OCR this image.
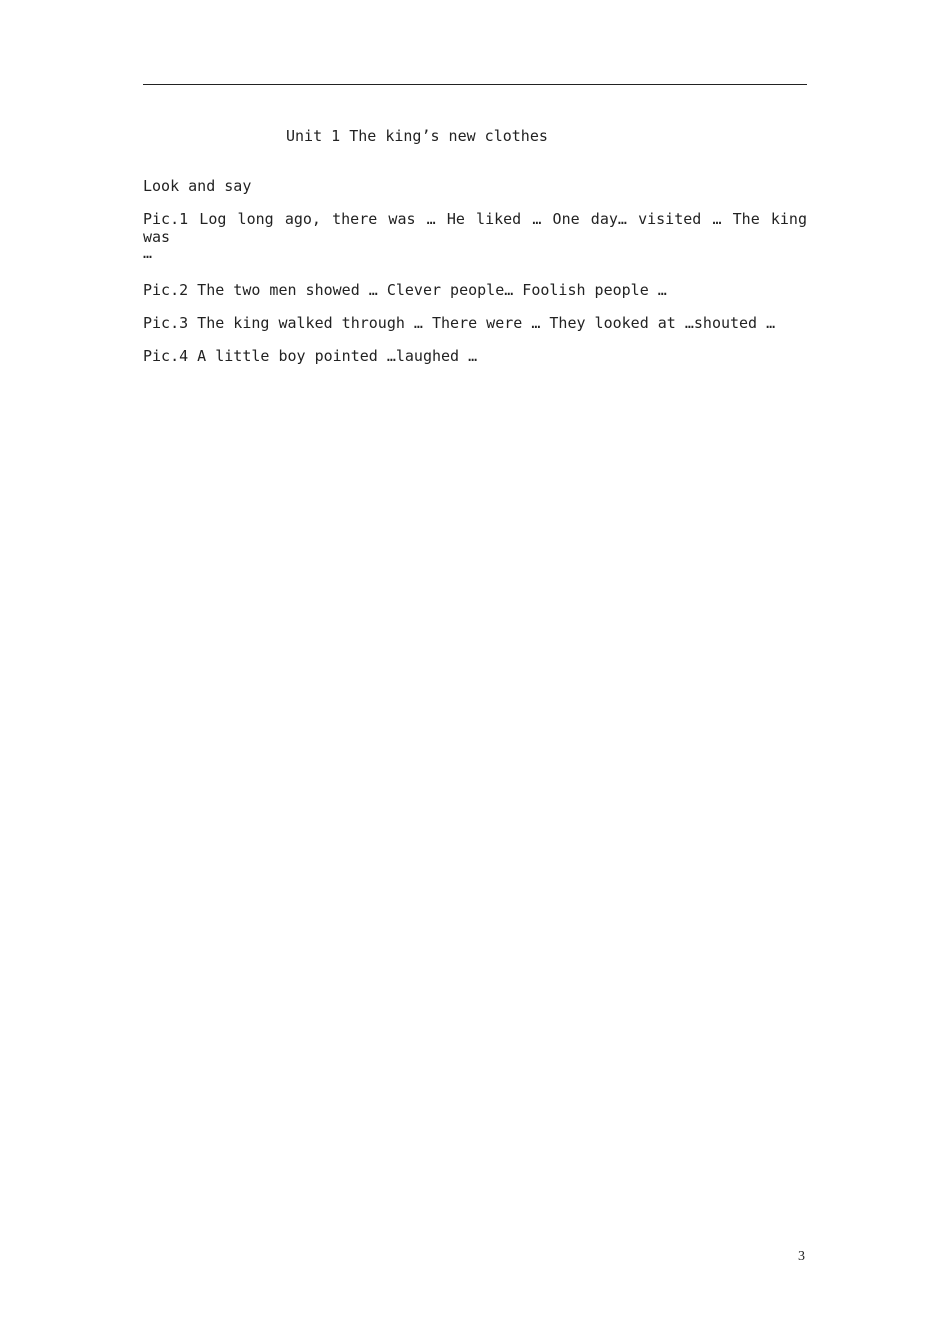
Unit 1 The king’s new clothes
Look and say
Pic.1 Log long ago, there was … He liked … One day… visited … The king was
…
Pic.2 The two men showed … Clever people… Foolish people …
Pic.3 The king walked through … There were … They looked at …shouted …
Pic.4 A little boy pointed …laughed …
3
